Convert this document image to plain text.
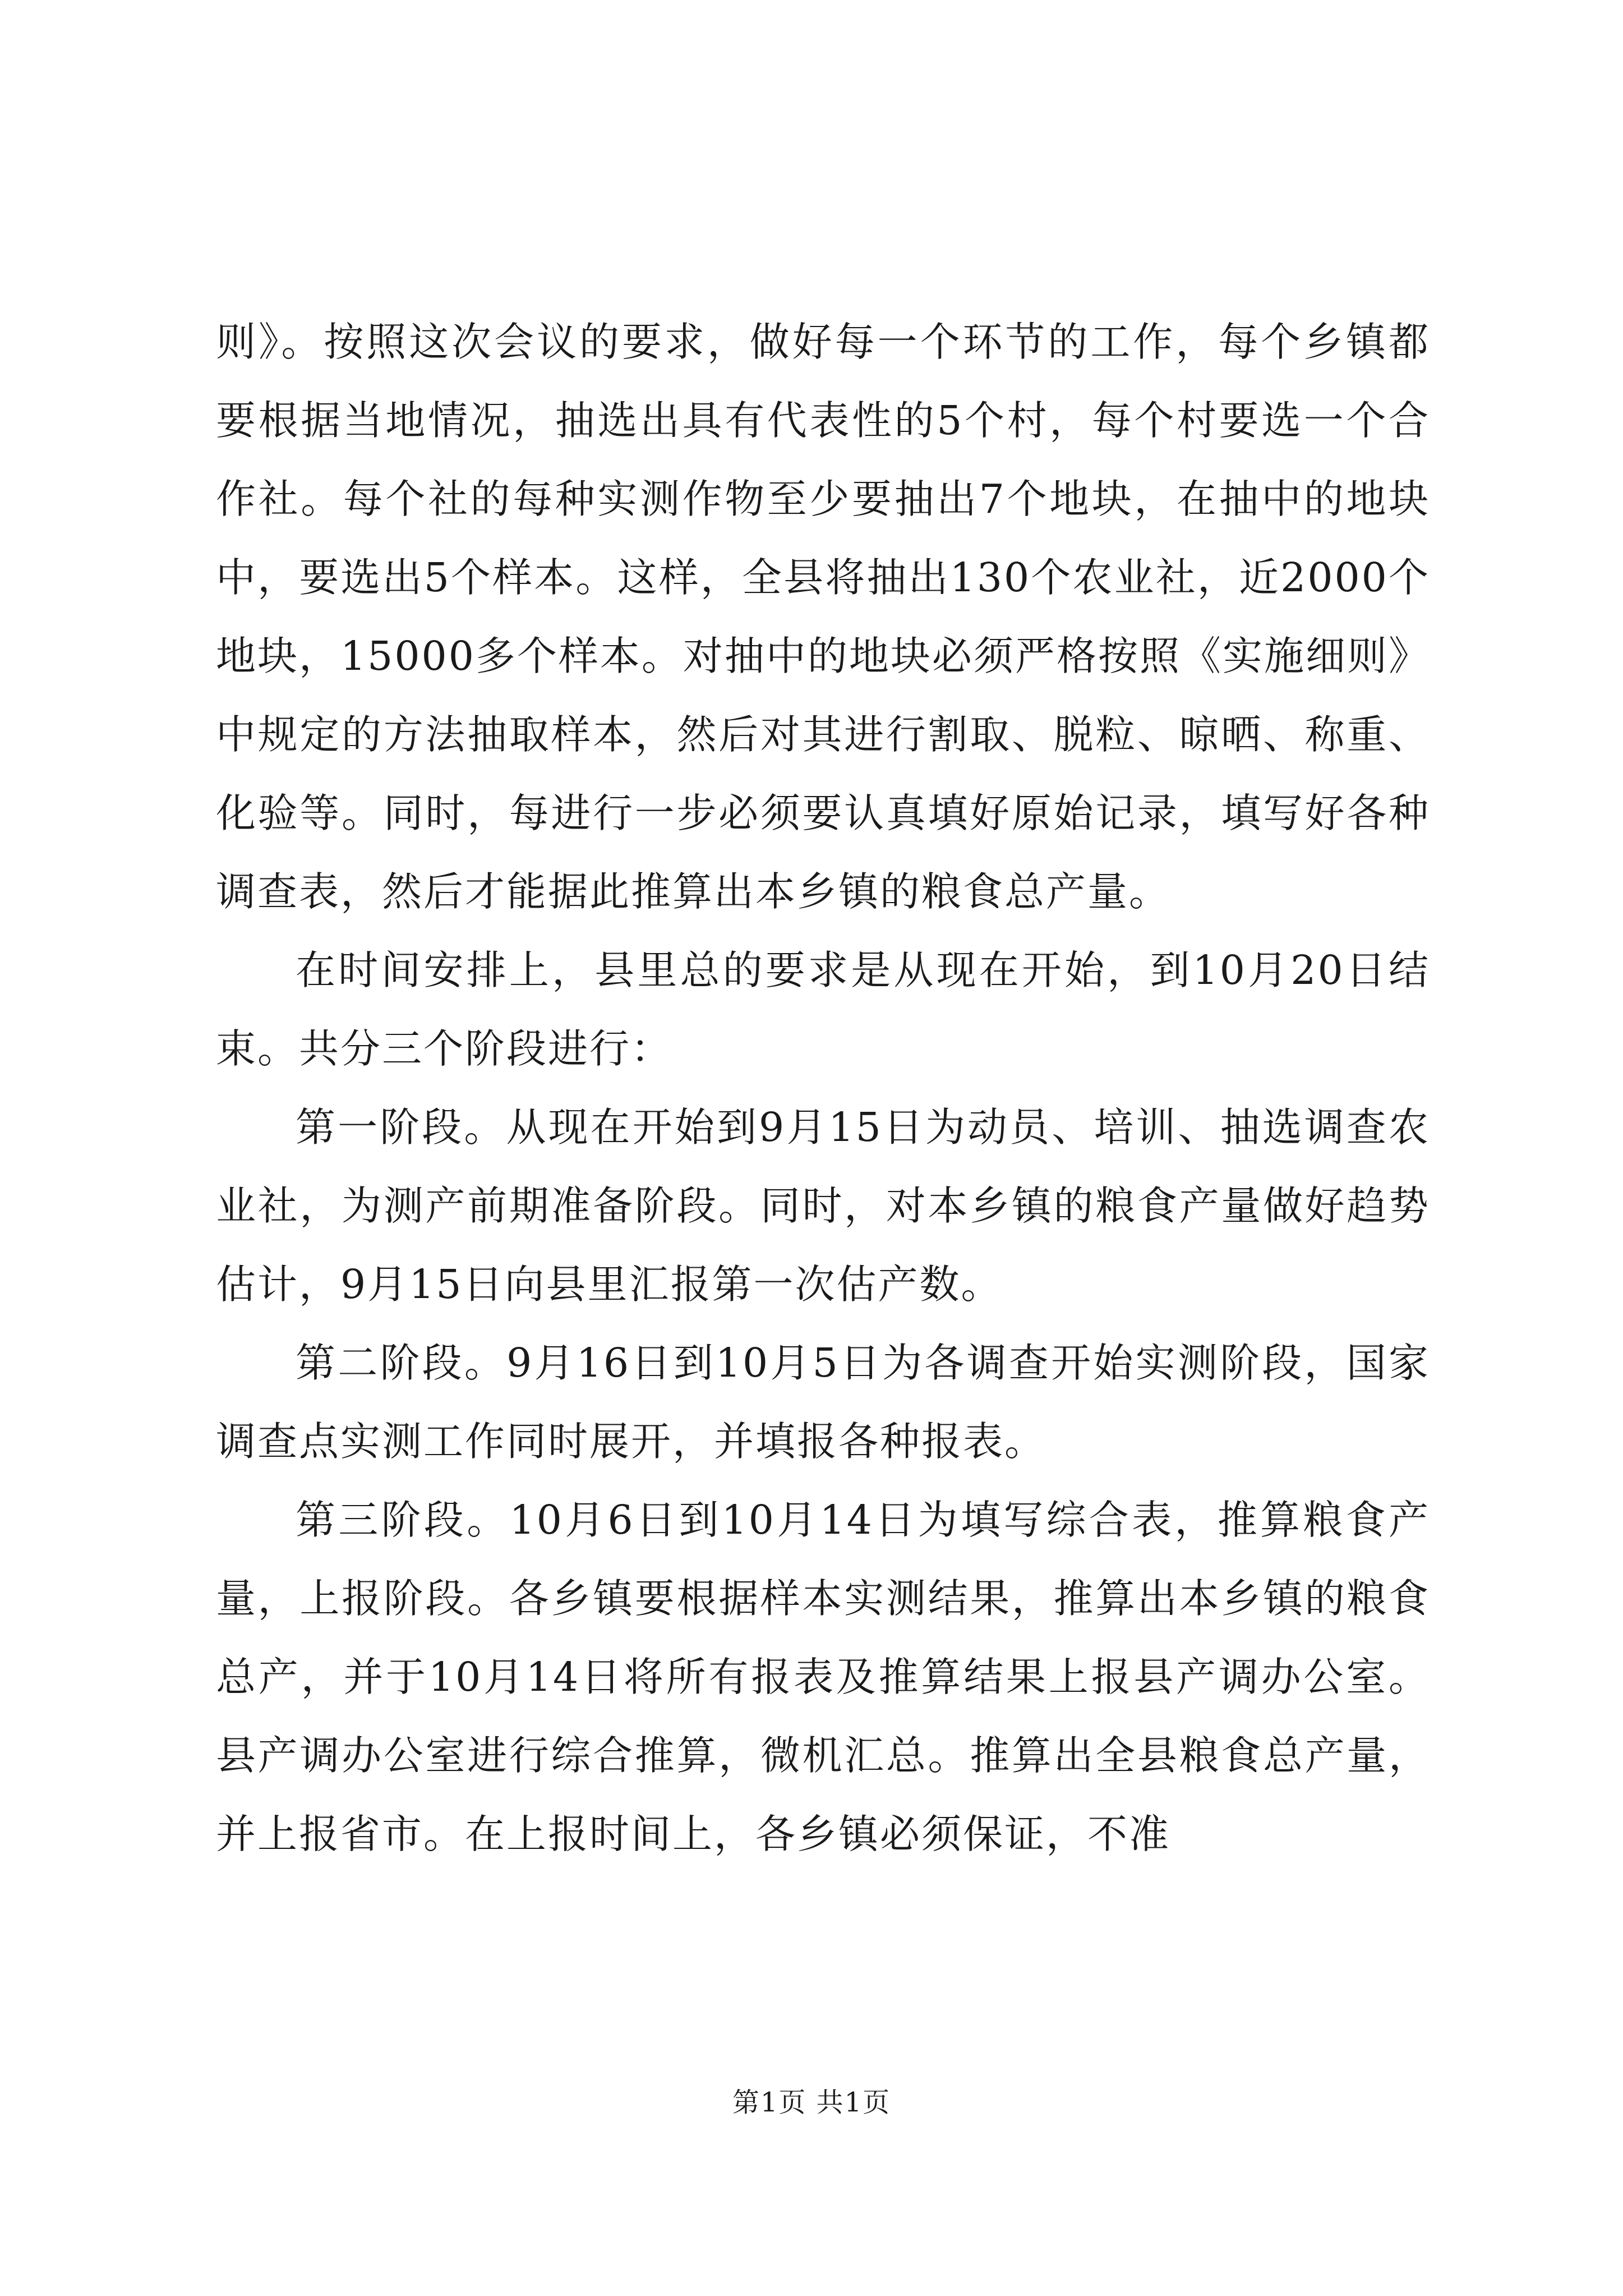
则》。按照这次会议的要求，做好每一个环节的工作，每个乡镇都要根据当地情况，抽选出具有代表性的5个村，每个村要选一个合作社。每个社的每种实测作物至少要抽出7个地块，在抽中的地块中，要选出5个样本。这样，全县将抽出130个农业社，近2000个地块，15000多个样本。对抽中的地块必须严格按照《实施细则》中规定的方法抽取样本，然后对其进行割取、脱粒、晾晒、称重、化验等。同时，每进行一步必须要认真填好原始记录，填写好各种调查表，然后才能据此推算出本乡镇的粮食总产量。

在时间安排上，县里总的要求是从现在开始，到10月20日结束。共分三个阶段进行：

第一阶段。从现在开始到9月15日为动员、培训、抽选调查农业社，为测产前期准备阶段。同时，对本乡镇的粮食产量做好趋势估计，9月15日向县里汇报第一次估产数。

第二阶段。9月16日到10月5日为各调查开始实测阶段，国家调查点实测工作同时展开，并填报各种报表。

第三阶段。10月6日到10月14日为填写综合表，推算粮食产量，上报阶段。各乡镇要根据样本实测结果，推算出本乡镇的粮食总产，并于10月14日将所有报表及推算结果上报县产调办公室。县产调办公室进行综合推算，微机汇总。推算出全县粮食总产量，并上报省市。在上报时间上，各乡镇必须保证，不准

第1页 共1页
